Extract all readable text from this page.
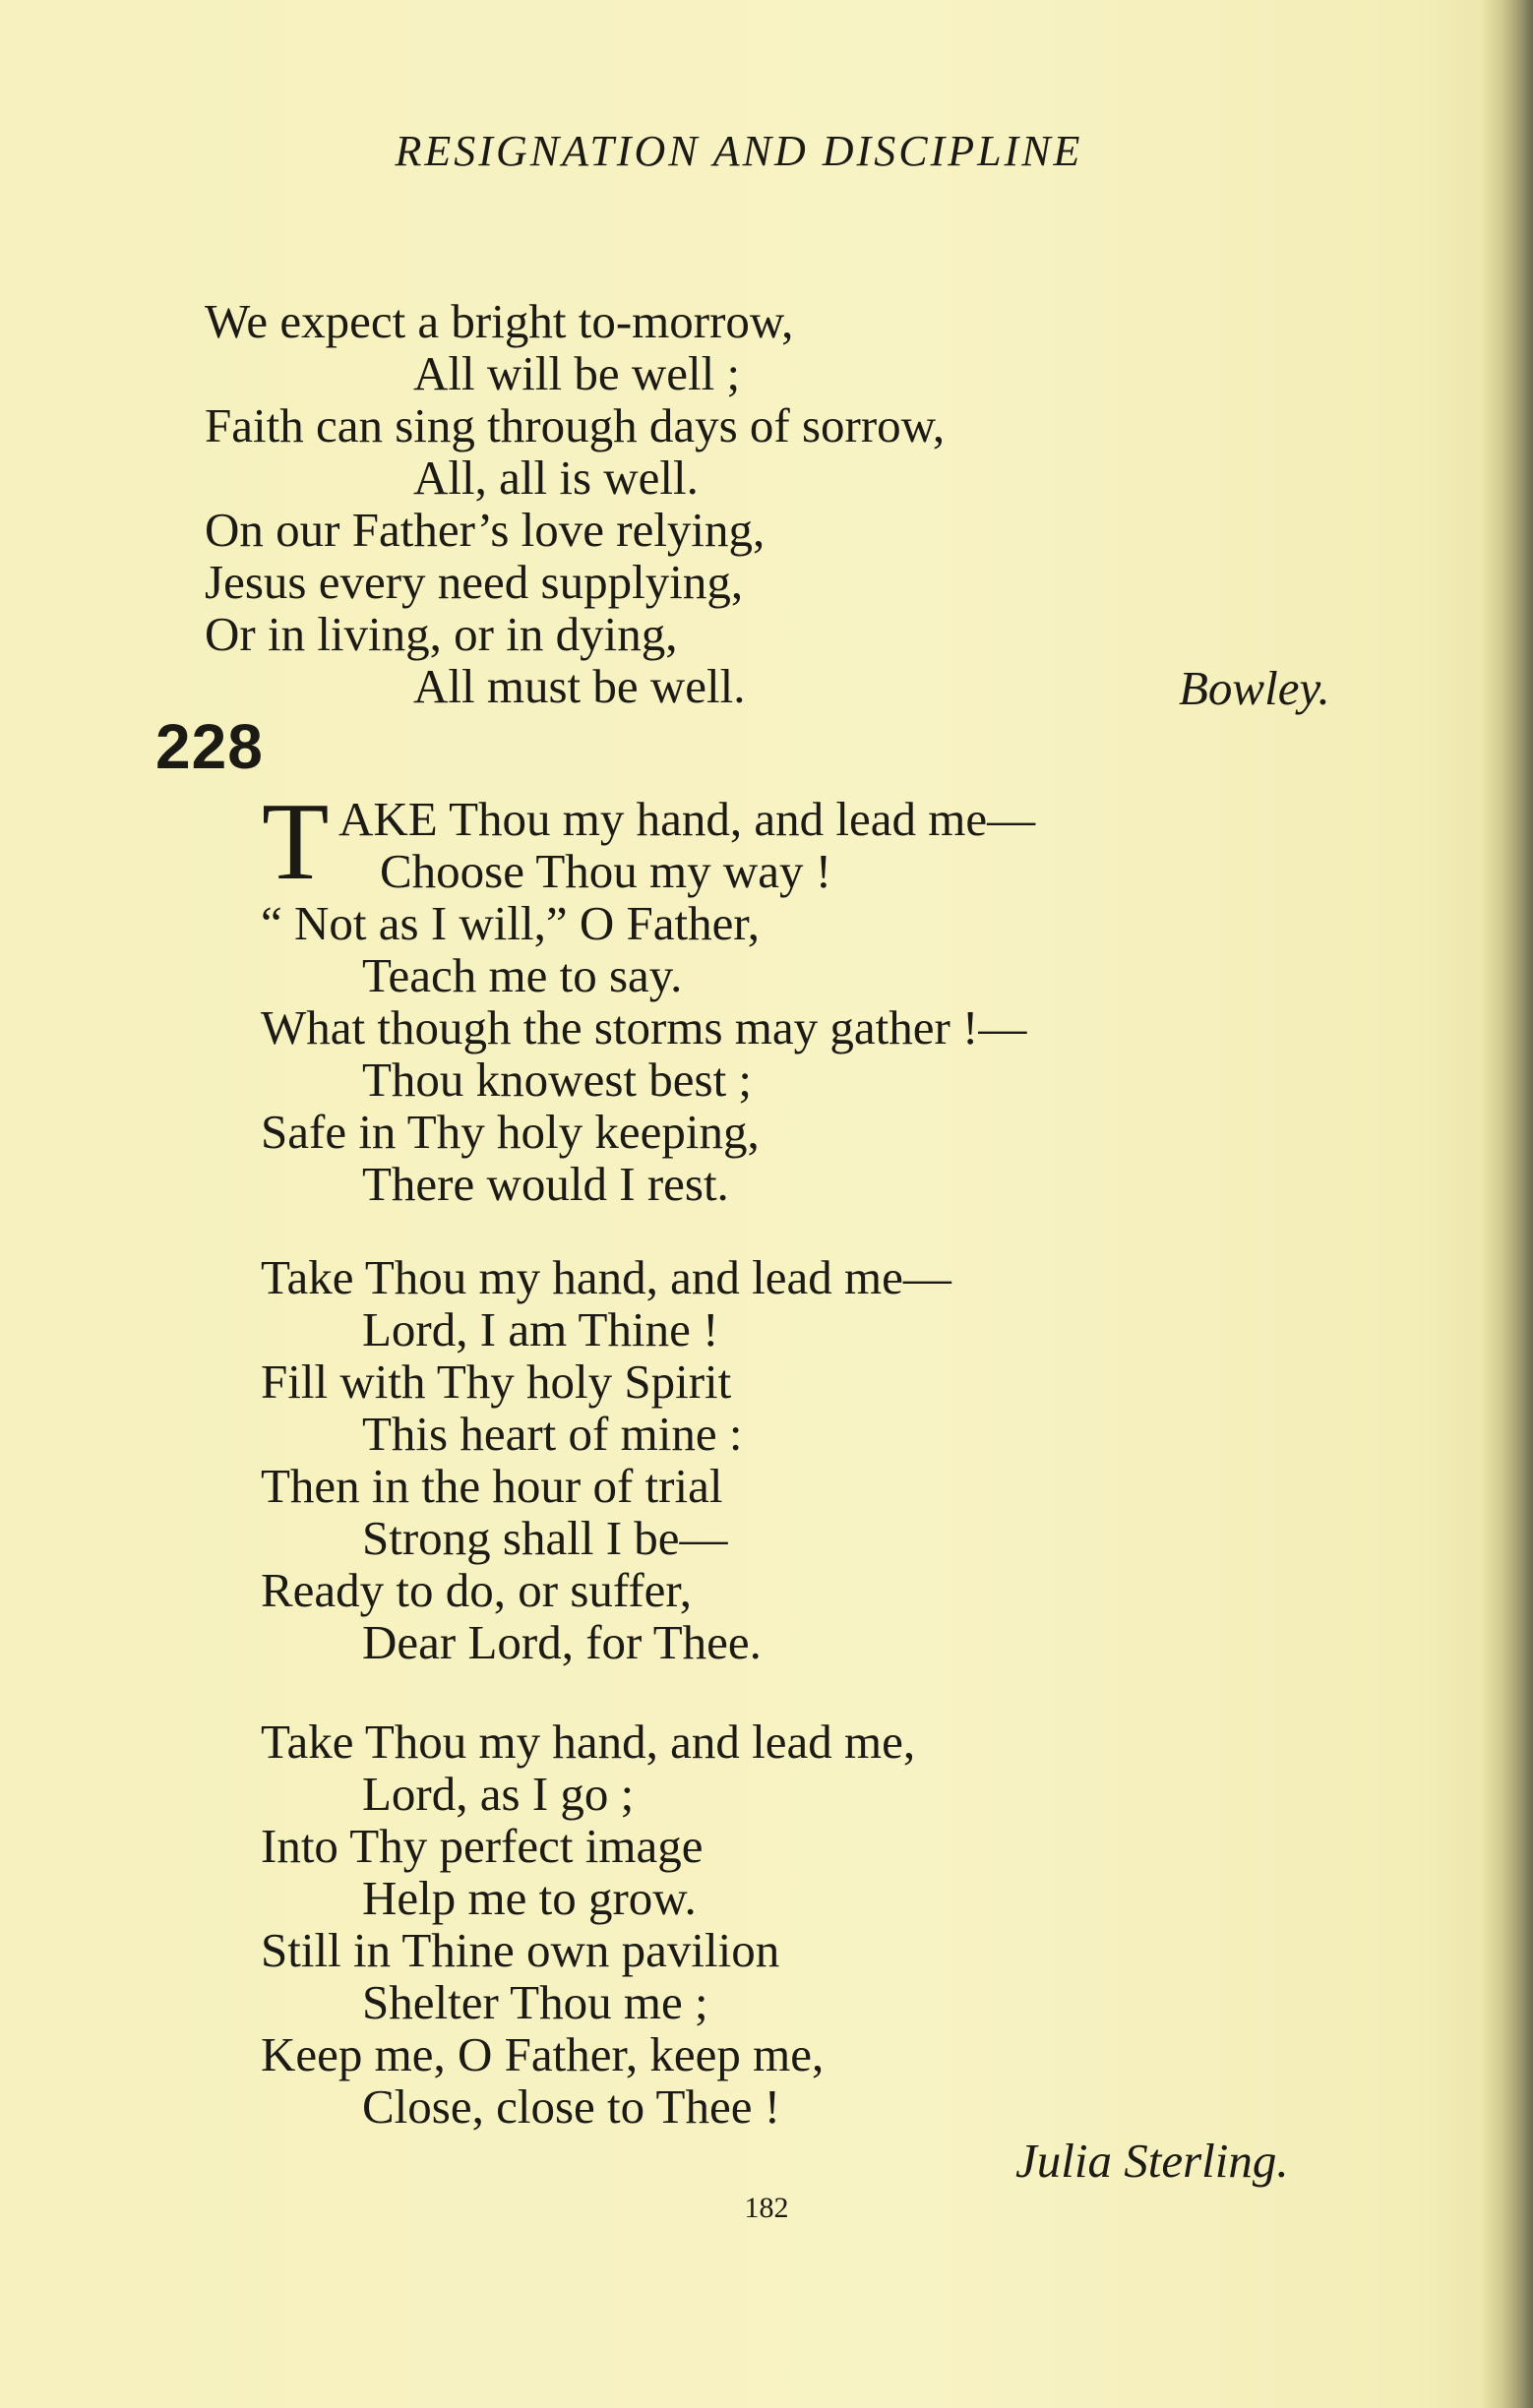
RESIGNATION AND DISCIPLINE
We expect a bright to-morrow,
All will be well ;
Faith can sing through days of sorrow,
All, all is well.
On our Father’s love relying,
Jesus every need supplying,
Or in living, or in dying,
All must be well.	Bowley.
228
T AKE Thou my hand, and lead me—
Choose Thou my way !
“ Not as I will,” O Father,
Teach me to say.
What though the storms may gather !—
Thou knowest best ;
Safe in Thy holy keeping,
There would I rest.
Take Thou my hand, and lead me—
Lord, I am Thine !
Fill with Thy holy Spirit
This heart of mine :
Then in the hour of trial
Strong shall I be—
Ready to do, or suffer,
Dear Lord, for Thee.
Take Thou my hand, and lead me,
Lord, as I go ;
Into Thy perfect image
Help me to grow.
Still in Thine own pavilion
Shelter Thou me ;
Keep me, O Father, keep me,
Close, close to Thee !
Julia Sterling.
182
